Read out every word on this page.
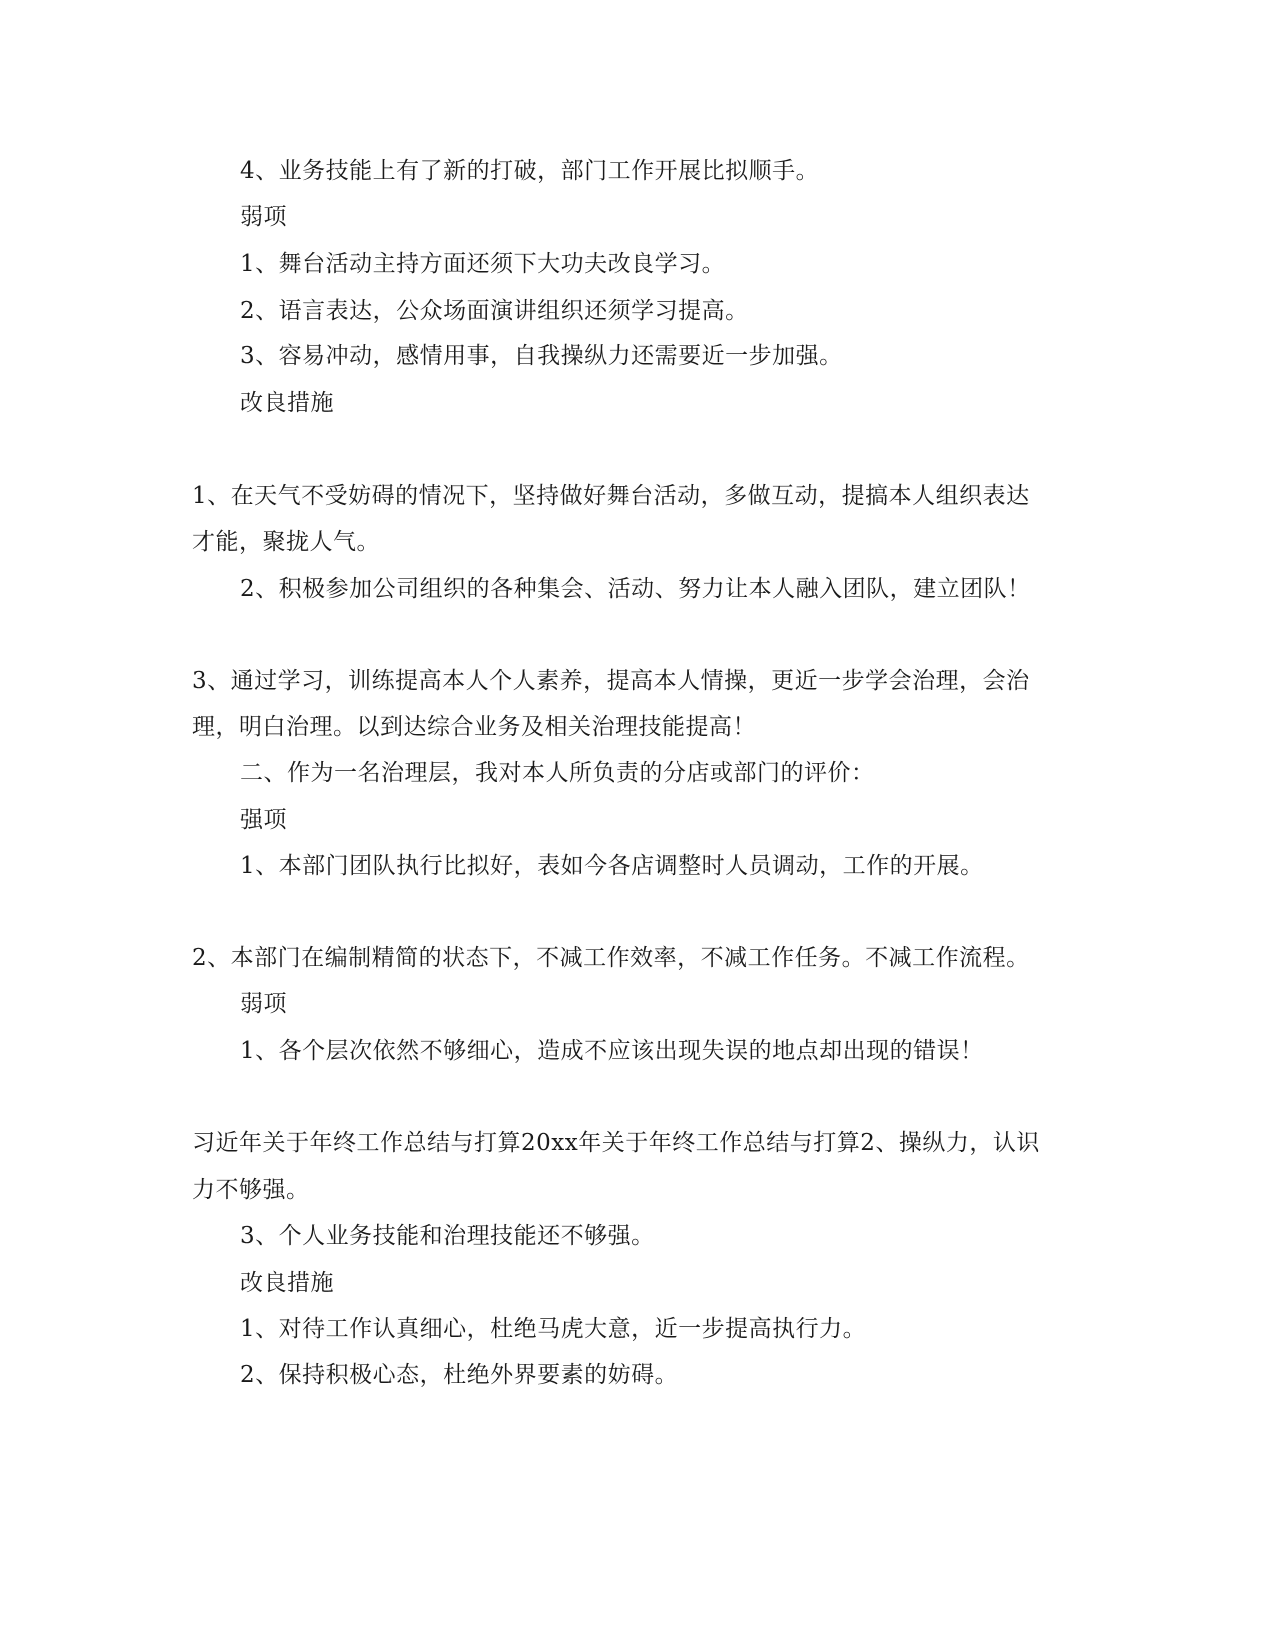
4、业务技能上有了新的打破，部门工作开展比拟顺手。
弱项
1、舞台活动主持方面还须下大功夫改良学习。
2、语言表达，公众场面演讲组织还须学习提高。
3、容易冲动，感情用事，自我操纵力还需要近一步加强。
改良措施
1、在天气不受妨碍的情况下，坚持做好舞台活动，多做互动，提搞本人组织表达
才能，聚拢人气。
2、积极参加公司组织的各种集会、活动、努力让本人融入团队，建立团队！
3、通过学习，训练提高本人个人素养，提高本人情操，更近一步学会治理，会治
理，明白治理。以到达综合业务及相关治理技能提高！
二、作为一名治理层，我对本人所负责的分店或部门的评价：
强项
1、本部门团队执行比拟好，表如今各店调整时人员调动，工作的开展。
2、本部门在编制精简的状态下，不减工作效率，不减工作任务。不减工作流程。
弱项
1、各个层次依然不够细心，造成不应该出现失误的地点却出现的错误！
习近年关于年终工作总结与打算20xx年关于年终工作总结与打算2、操纵力，认识
力不够强。
3、个人业务技能和治理技能还不够强。
改良措施
1、对待工作认真细心，杜绝马虎大意，近一步提高执行力。
2、保持积极心态，杜绝外界要素的妨碍。
